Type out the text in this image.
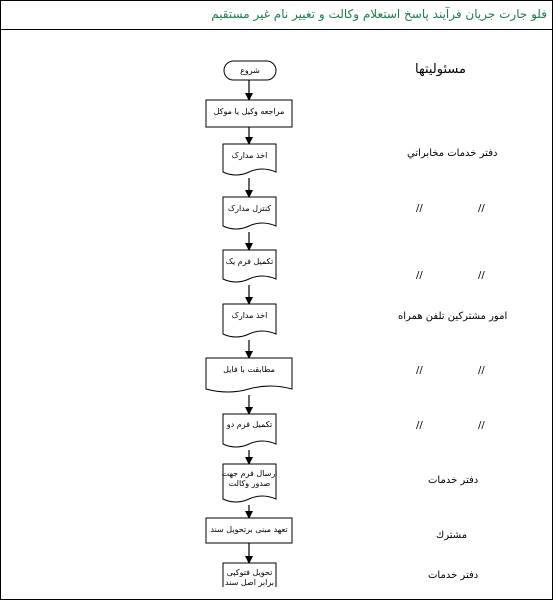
فلو جارت جریان فرآیند پاسخ استعلام وکالت و تغییر نام غیر مستقیم
شروع
مراجعه وکیل یا موکل
اخذ مدارک
کنترل مدارک
تکمیل فرم یک
اخذ مدارک
مطابقت با فایل
تکمیل فرم دو
ارسال فرم جهت
صدور وکالت
تعهد مبنی برتحویل سند
تحویل فتوکپی
برابر اصل سند
مسئولیتها
دفتر خدمات مخابراتي
//	//
//	//
امور مشترکین تلفن همراه
//	//
//	//
دفتر خدمات
مشترك
دفتر خدمات
